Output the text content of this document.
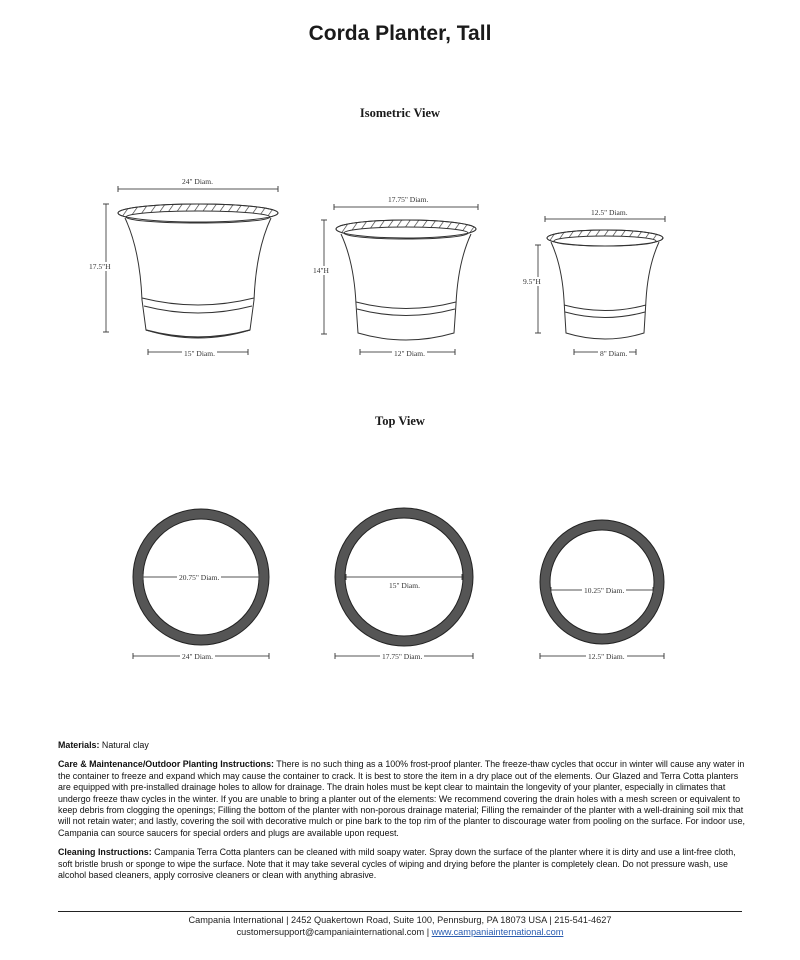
Corda Planter, Tall
Isometric View
Top View
24" Diam.
17.5"H
15" Diam.
17.75" Diam.
14"H
12" Diam.
12.5" Diam.
9.5"H
8" Diam.
20.75" Diam.
24" Diam.
15" Diam.
17.75" Diam.
10.25" Diam.
12.5" Diam.

Materials: Natural clay

Care & Maintenance/Outdoor Planting Instructions: There is no such thing as a 100% frost-proof planter. The freeze-thaw cycles that occur in winter will cause any water in the container to freeze and expand which may cause the container to crack. It is best to store the item in a dry place out of the elements. Our Glazed and Terra Cotta planters are equipped with pre-installed drainage holes to allow for drainage. The drain holes must be kept clear to maintain the longevity of your planter, especially in climates that undergo freeze thaw cycles in the winter. If you are unable to bring a planter out of the elements: We recommend covering the drain holes with a mesh screen or equivalent to keep debris from clogging the openings; Filling the bottom of the planter with non-porous drainage material; Filling the remainder of the planter with a well-draining soil mix that will not retain water; and lastly, covering the soil with decorative mulch or pine bark to the top rim of the planter to discourage water from pooling on the surface. For indoor use, Campania can source saucers for special orders and plugs are available upon request.

Cleaning Instructions: Campania Terra Cotta planters can be cleaned with mild soapy water. Spray down the surface of the planter where it is dirty and use a lint-free cloth, soft bristle brush or sponge to wipe the surface. Note that it may take several cycles of wiping and drying before the planter is completely clean. Do not pressure wash, use alcohol based cleaners, apply corrosive cleaners or clean with anything abrasive.

Campania International | 2452 Quakertown Road, Suite 100, Pennsburg, PA 18073 USA | 215-541-4627
customersupport@campaniainternational.com | www.campaniainternational.com
